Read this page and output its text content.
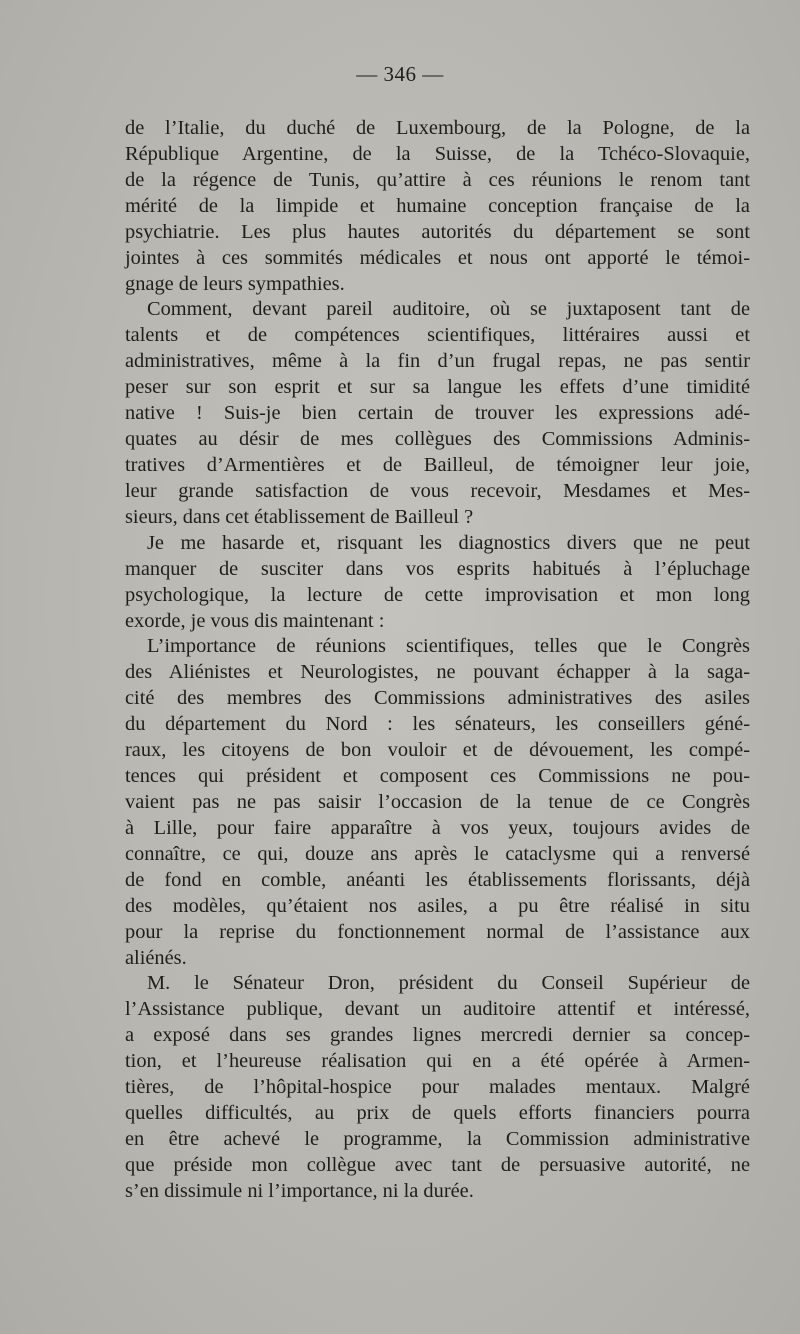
— 346 —

de l’Italie, du duché de Luxembourg, de la Pologne, de la
République Argentine, de la Suisse, de la Tchéco-Slovaquie,
de la régence de Tunis, qu’attire à ces réunions le renom tant
mérité de la limpide et humaine conception française de la
psychiatrie. Les plus hautes autorités du département se sont
jointes à ces sommités médicales et nous ont apporté le témoi-
gnage de leurs sympathies.

Comment, devant pareil auditoire, où se juxtaposent tant de
talents et de compétences scientifiques, littéraires aussi et
administratives, même à la fin d’un frugal repas, ne pas sentir
peser sur son esprit et sur sa langue les effets d’une timidité
native ! Suis-je bien certain de trouver les expressions adé-
quates au désir de mes collègues des Commissions Adminis-
tratives d’Armentières et de Bailleul, de témoigner leur joie,
leur grande satisfaction de vous recevoir, Mesdames et Mes-
sieurs, dans cet établissement de Bailleul ?

Je me hasarde et, risquant les diagnostics divers que ne peut
manquer de susciter dans vos esprits habitués à l’épluchage
psychologique, la lecture de cette improvisation et mon long
exorde, je vous dis maintenant :

L’importance de réunions scientifiques, telles que le Congrès
des Aliénistes et Neurologistes, ne pouvant échapper à la saga-
cité des membres des Commissions administratives des asiles
du département du Nord : les sénateurs, les conseillers géné-
raux, les citoyens de bon vouloir et de dévouement, les compé-
tences qui président et composent ces Commissions ne pou-
vaient pas ne pas saisir l’occasion de la tenue de ce Congrès
à Lille, pour faire apparaître à vos yeux, toujours avides de
connaître, ce qui, douze ans après le cataclysme qui a renversé
de fond en comble, anéanti les établissements florissants, déjà
des modèles, qu’étaient nos asiles, a pu être réalisé in situ
pour la reprise du fonctionnement normal de l’assistance aux
aliénés.

M. le Sénateur Dron, président du Conseil Supérieur de
l’Assistance publique, devant un auditoire attentif et intéressé,
a exposé dans ses grandes lignes mercredi dernier sa concep-
tion, et l’heureuse réalisation qui en a été opérée à Armen-
tières, de l’hôpital-hospice pour malades mentaux. Malgré
quelles difficultés, au prix de quels efforts financiers pourra
en être achevé le programme, la Commission administrative
que préside mon collègue avec tant de persuasive autorité, ne
s’en dissimule ni l’importance, ni la durée.
